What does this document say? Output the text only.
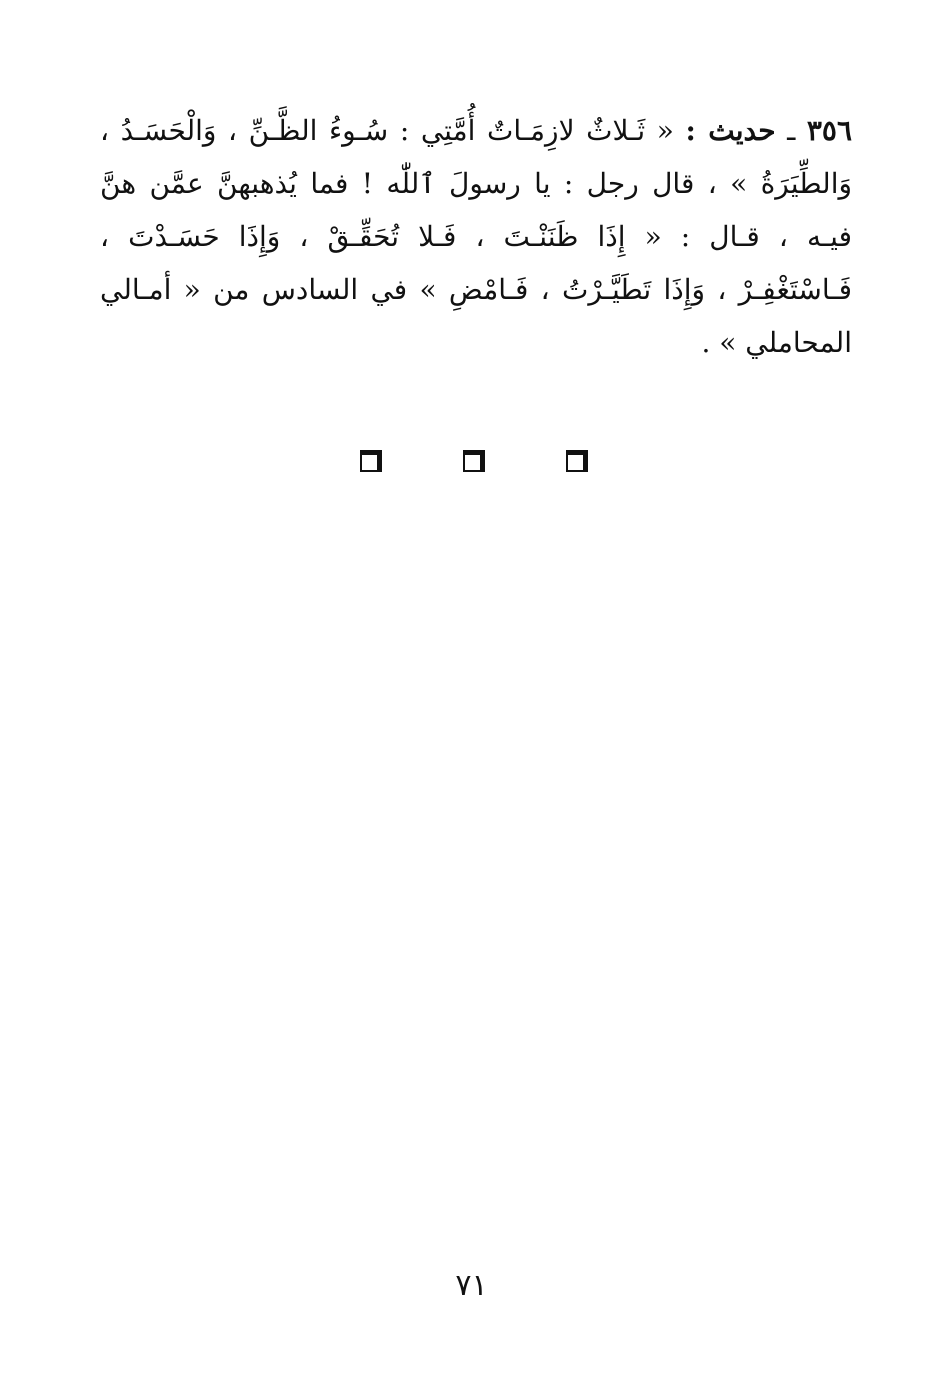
٣٥٦ ـ حديث : « ثَـلاثٌ لازِمَـاتٌ أُمَّتِي : سُـوءُ الظَّـنِّ ، وَالْحَسَـدُ ،
وَالطِّيَرَةُ » ، قال رجل : يا رسولَ ٱللّٰه ! فما يُذهبهنَّ عمَّن هنَّ
فيـه ، قـال : « إِذَا ظَنَنْـتَ ، فَـلا تُحَقِّـقْ ، وَإِذَا حَسَـدْتَ ،
فَـاسْتَغْفِـرْ ، وَإِذَا تَطَيَّـرْتُ ، فَـامْضِ » في السادس من « أمـالي
المحاملي » .
٧١
